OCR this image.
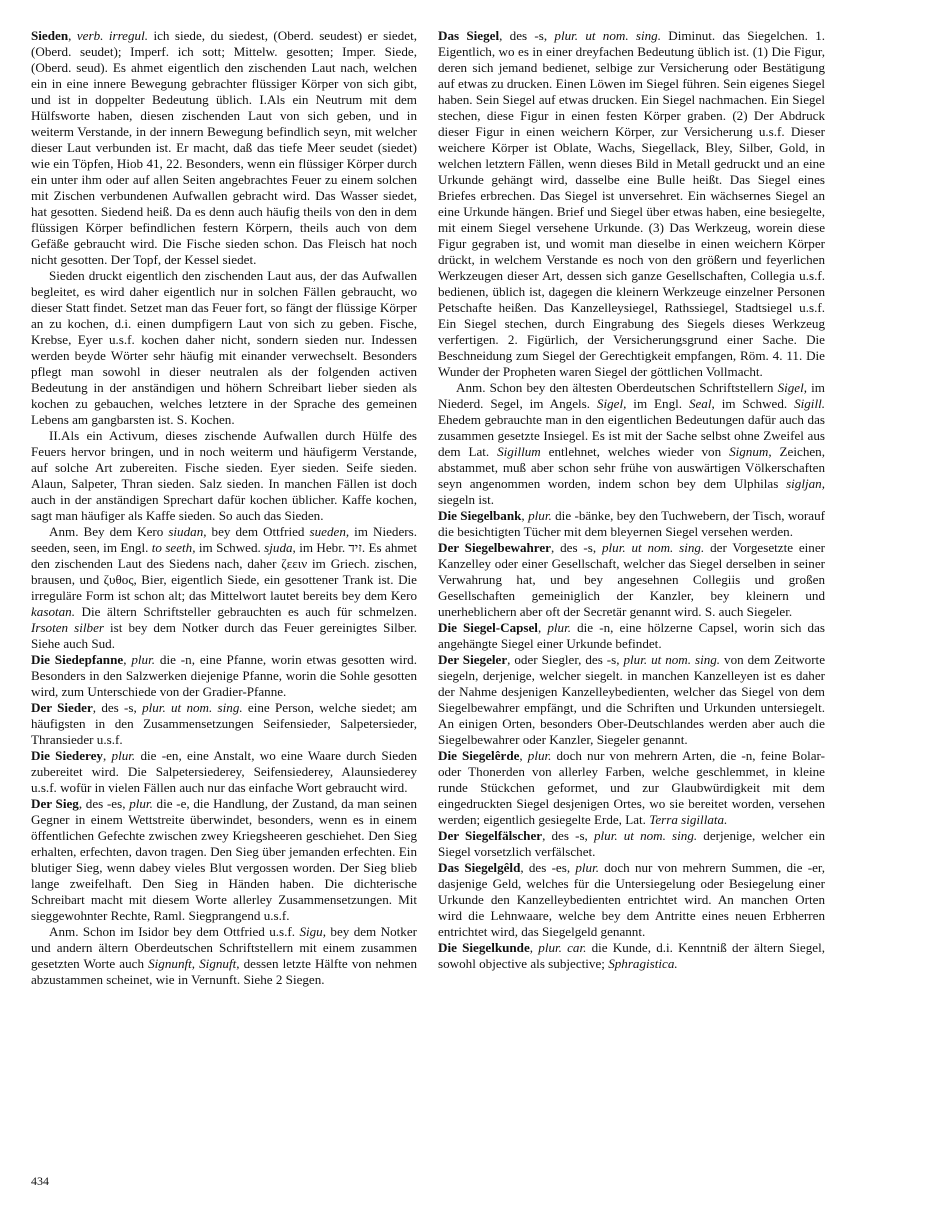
Sieden, verb. irregul. ich siede, du siedest, (Oberd. seudest) er siedet, (Oberd. seudet); Imperf. ich sott; Mittelw. gesotten; Imper. Siede, (Oberd. seud). Es ahmet eigentlich den zischenden Laut nach, welchen ein in eine innere Bewegung gebrachter flüssiger Körper von sich gibt, und ist in doppelter Bedeutung üblich. I.Als ein Neutrum mit dem Hülfsworte haben, diesen zischenden Laut von sich geben, und in weiterm Verstande, in der innern Bewegung befindlich seyn, mit welcher dieser Laut verbunden ist. Er macht, daß das tiefe Meer seudet (siedet) wie ein Töpfen, Hiob 41, 22. Besonders, wenn ein flüssiger Körper durch ein unter ihm oder auf allen Seiten angebrachtes Feuer zu einem solchen mit Zischen verbundenen Aufwallen gebracht wird. Das Wasser siedet, hat gesotten. Siedend heiß. Da es denn auch häufig theils von den in dem flüssigen Körper befindlichen festern Körpern, theils auch von dem Gefäße gebraucht wird. Die Fische sieden schon. Das Fleisch hat noch nicht gesotten. Der Topf, der Kessel siedet.

Sieden druckt eigentlich den zischenden Laut aus, der das Aufwallen begleitet, es wird daher eigentlich nur in solchen Fällen gebraucht, wo dieser Statt findet. Setzet man das Feuer fort, so fängt der flüssige Körper an zu kochen, d.i. einen dumpfigern Laut von sich zu geben. Fische, Krebse, Eyer u.s.f. kochen daher nicht, sondern sieden nur. Indessen werden beyde Wörter sehr häufig mit einander verwechselt. Besonders pflegt man sowohl in dieser neutralen als der folgenden activen Bedeutung in der anständigen und höhern Schreibart lieber sieden als kochen zu gebauchen, welches letztere in der Sprache des gemeinen Lebens am gangbarsten ist. S. Kochen.

II.Als ein Activum, dieses zischende Aufwallen durch Hülfe des Feuers hervor bringen, und in noch weiterm und häufigerm Verstande, auf solche Art zubereiten. Fische sieden. Eyer sieden. Seife sieden. Alaun, Salpeter, Thran sieden. Salz sieden. In manchen Fällen ist doch auch in der anständigen Sprechart dafür kochen üblicher. Kaffe kochen, sagt man häufiger als Kaffe sieden. So auch das Sieden.

Anm. Bey dem Kero siudan, bey dem Ottfried sueden, im Nieders. seeden, seen, im Engl. to seeth, im Schwed. sjuda, im Hebr. זיד. Es ahmet den zischenden Laut des Siedens nach, daher ζεειν im Griech. zischen, brausen, und ζυθος, Bier, eigentlich Siede, ein gesottener Trank ist. Die irreguläre Form ist schon alt; das Mittelwort lautet bereits bey dem Kero kasotan. Die ältern Schriftsteller gebrauchten es auch für schmelzen. Irsoten silber ist bey dem Notker durch das Feuer gereinigtes Silber. Siehe auch Sud.

Die Siedepfanne, plur. die -n, eine Pfanne, worin etwas gesotten wird. Besonders in den Salzwerken diejenige Pfanne, worin die Sohle gesotten wird, zum Unterschiede von der Gradier-Pfanne.

Der Sieder, des -s, plur. ut nom. sing. eine Person, welche siedet; am häufigsten in den Zusammensetzungen Seifensieder, Salpetersieder, Thransieder u.s.f.

Die Siederey, plur. die -en, eine Anstalt, wo eine Waare durch Sieden zubereitet wird. Die Salpetersiederey, Seifensiederey, Alaunsiederey u.s.f. wofür in vielen Fällen auch nur das einfache Wort gebraucht wird.

Der Sieg, des -es, plur. die -e, die Handlung, der Zustand, da man seinen Gegner in einem Wettstreite überwindet, besonders, wenn es in einem öffentlichen Gefechte zwischen zwey Kriegsheeren geschiehet. Den Sieg erhalten, erfechten, davon tragen. Den Sieg über jemanden erfechten. Ein blutiger Sieg, wenn dabey vieles Blut vergossen worden. Der Sieg blieb lange zweifelhaft. Den Sieg in Händen haben. Die dichterische Schreibart macht mit diesem Worte allerley Zusammensetzungen. Mit sieggewohnter Rechte, Raml. Siegprangend u.s.f.

Anm. Schon im Isidor bey dem Ottfried u.s.f. Sigu, bey dem Notker und andern ältern Oberdeutschen Schriftstellern mit einem zusammen gesetzten Worte auch Signunft, Signuft, dessen letzte Hälfte von nehmen abzustammen scheinet, wie in Vernunft. Siehe 2 Siegen.

Das Siegel, des -s, plur. ut nom. sing. Diminut. das Siegelchen. 1. Eigentlich, wo es in einer dreyfachen Bedeutung üblich ist. (1) Die Figur, deren sich jemand bedienet, selbige zur Versicherung oder Bestätigung auf etwas zu drucken. Einen Löwen im Siegel führen. Sein eigenes Siegel haben. Sein Siegel auf etwas drucken. Ein Siegel nachmachen. Ein Siegel stechen, diese Figur in einen festen Körper graben. (2) Der Abdruck dieser Figur in einen weichern Körper, zur Versicherung u.s.f. Dieser weichere Körper ist Oblate, Wachs, Siegellack, Bley, Silber, Gold, in welchen letztern Fällen, wenn dieses Bild in Metall gedruckt und an eine Urkunde gehängt wird, dasselbe eine Bulle heißt. Das Siegel eines Briefes erbrechen. Das Siegel ist unversehret. Ein wächsernes Siegel an eine Urkunde hängen. Brief und Siegel über etwas haben, eine besiegelte, mit einem Siegel versehene Urkunde. (3) Das Werkzeug, worein diese Figur gegraben ist, und womit man dieselbe in einen weichern Körper drückt, in welchem Verstande es noch von den größern und feyerlichen Werkzeugen dieser Art, dessen sich ganze Gesellschaften, Collegia u.s.f. bedienen, üblich ist, dagegen die kleinern Werkzeuge einzelner Personen Petschafte heißen. Das Kanzelleysiegel, Rathssiegel, Stadtsiegel u.s.f. Ein Siegel stechen, durch Eingrabung des Siegels dieses Werkzeug verfertigen. 2. Figürlich, der Versicherungsgrund einer Sache. Die Beschneidung zum Siegel der Gerechtigkeit empfangen, Röm. 4. 11. Die Wunder der Propheten waren Siegel der göttlichen Vollmacht.

Anm. Schon bey den ältesten Oberdeutschen Schriftstellern Sigel, im Niederd. Segel, im Angels. Sigel, im Engl. Seal, im Schwed. Sigill. Ehedem gebrauchte man in den eigentlichen Bedeutungen dafür auch das zusammen gesetzte Insiegel. Es ist mit der Sache selbst ohne Zweifel aus dem Lat. Sigillum entlehnet, welches wieder von Signum, Zeichen, abstammet, muß aber schon sehr frühe von auswärtigen Völkerschaften seyn angenommen worden, indem schon bey dem Ulphilas sigljan, siegeln ist.

Die Siegelbank, plur. die -bänke, bey den Tuchwebern, der Tisch, worauf die besichtigten Tücher mit dem bleyernen Siegel versehen werden.

Der Siegelbewahrer, des -s, plur. ut nom. sing. der Vorgesetzte einer Kanzelley oder einer Gesellschaft, welcher das Siegel derselben in seiner Verwahrung hat, und bey angesehnen Collegiis und großen Gesellschaften gemeiniglich der Kanzler, bey kleinern und unerheblichern aber oft der Secretär genannt wird. S. auch Siegeler.

Die Siegel-Capsel, plur. die -n, eine hölzerne Capsel, worin sich das angehängte Siegel einer Urkunde befindet.

Der Siegeler, oder Siegler, des -s, plur. ut nom. sing. von dem Zeitworte siegeln, derjenige, welcher siegelt. in manchen Kanzelleyen ist es daher der Nahme desjenigen Kanzelleybedienten, welcher das Siegel von dem Siegelbewahrer empfängt, und die Schriften und Urkunden untersiegelt. An einigen Orten, besonders Ober-Deutschlandes werden aber auch die Siegelbewahrer oder Kanzler, Siegeler genannt.

Die Siegelêrde, plur. doch nur von mehrern Arten, die -n, feine Bolar- oder Thonerden von allerley Farben, welche geschlemmet, in kleine runde Stückchen geformet, und zur Glaubwürdigkeit mit dem eingedruckten Siegel desjenigen Ortes, wo sie bereitet worden, versehen werden; eigentlich gesiegelte Erde, Lat. Terra sigillata.

Der Siegelfälscher, des -s, plur. ut nom. sing. derjenige, welcher ein Siegel vorsetzlich verfälschet.

Das Siegelgêld, des -es, plur. doch nur von mehrern Summen, die -er, dasjenige Geld, welches für die Untersiegelung oder Besiegelung einer Urkunde den Kanzelleybedienten entrichtet wird. An manchen Orten wird die Lehnwaare, welche bey dem Antritte eines neuen Erbherren entrichtet wird, das Siegelgeld genannt.

Die Siegelkunde, plur. car. die Kunde, d.i. Kenntniß der ältern Siegel, sowohl objective als subjective; Sphragistica.

434
